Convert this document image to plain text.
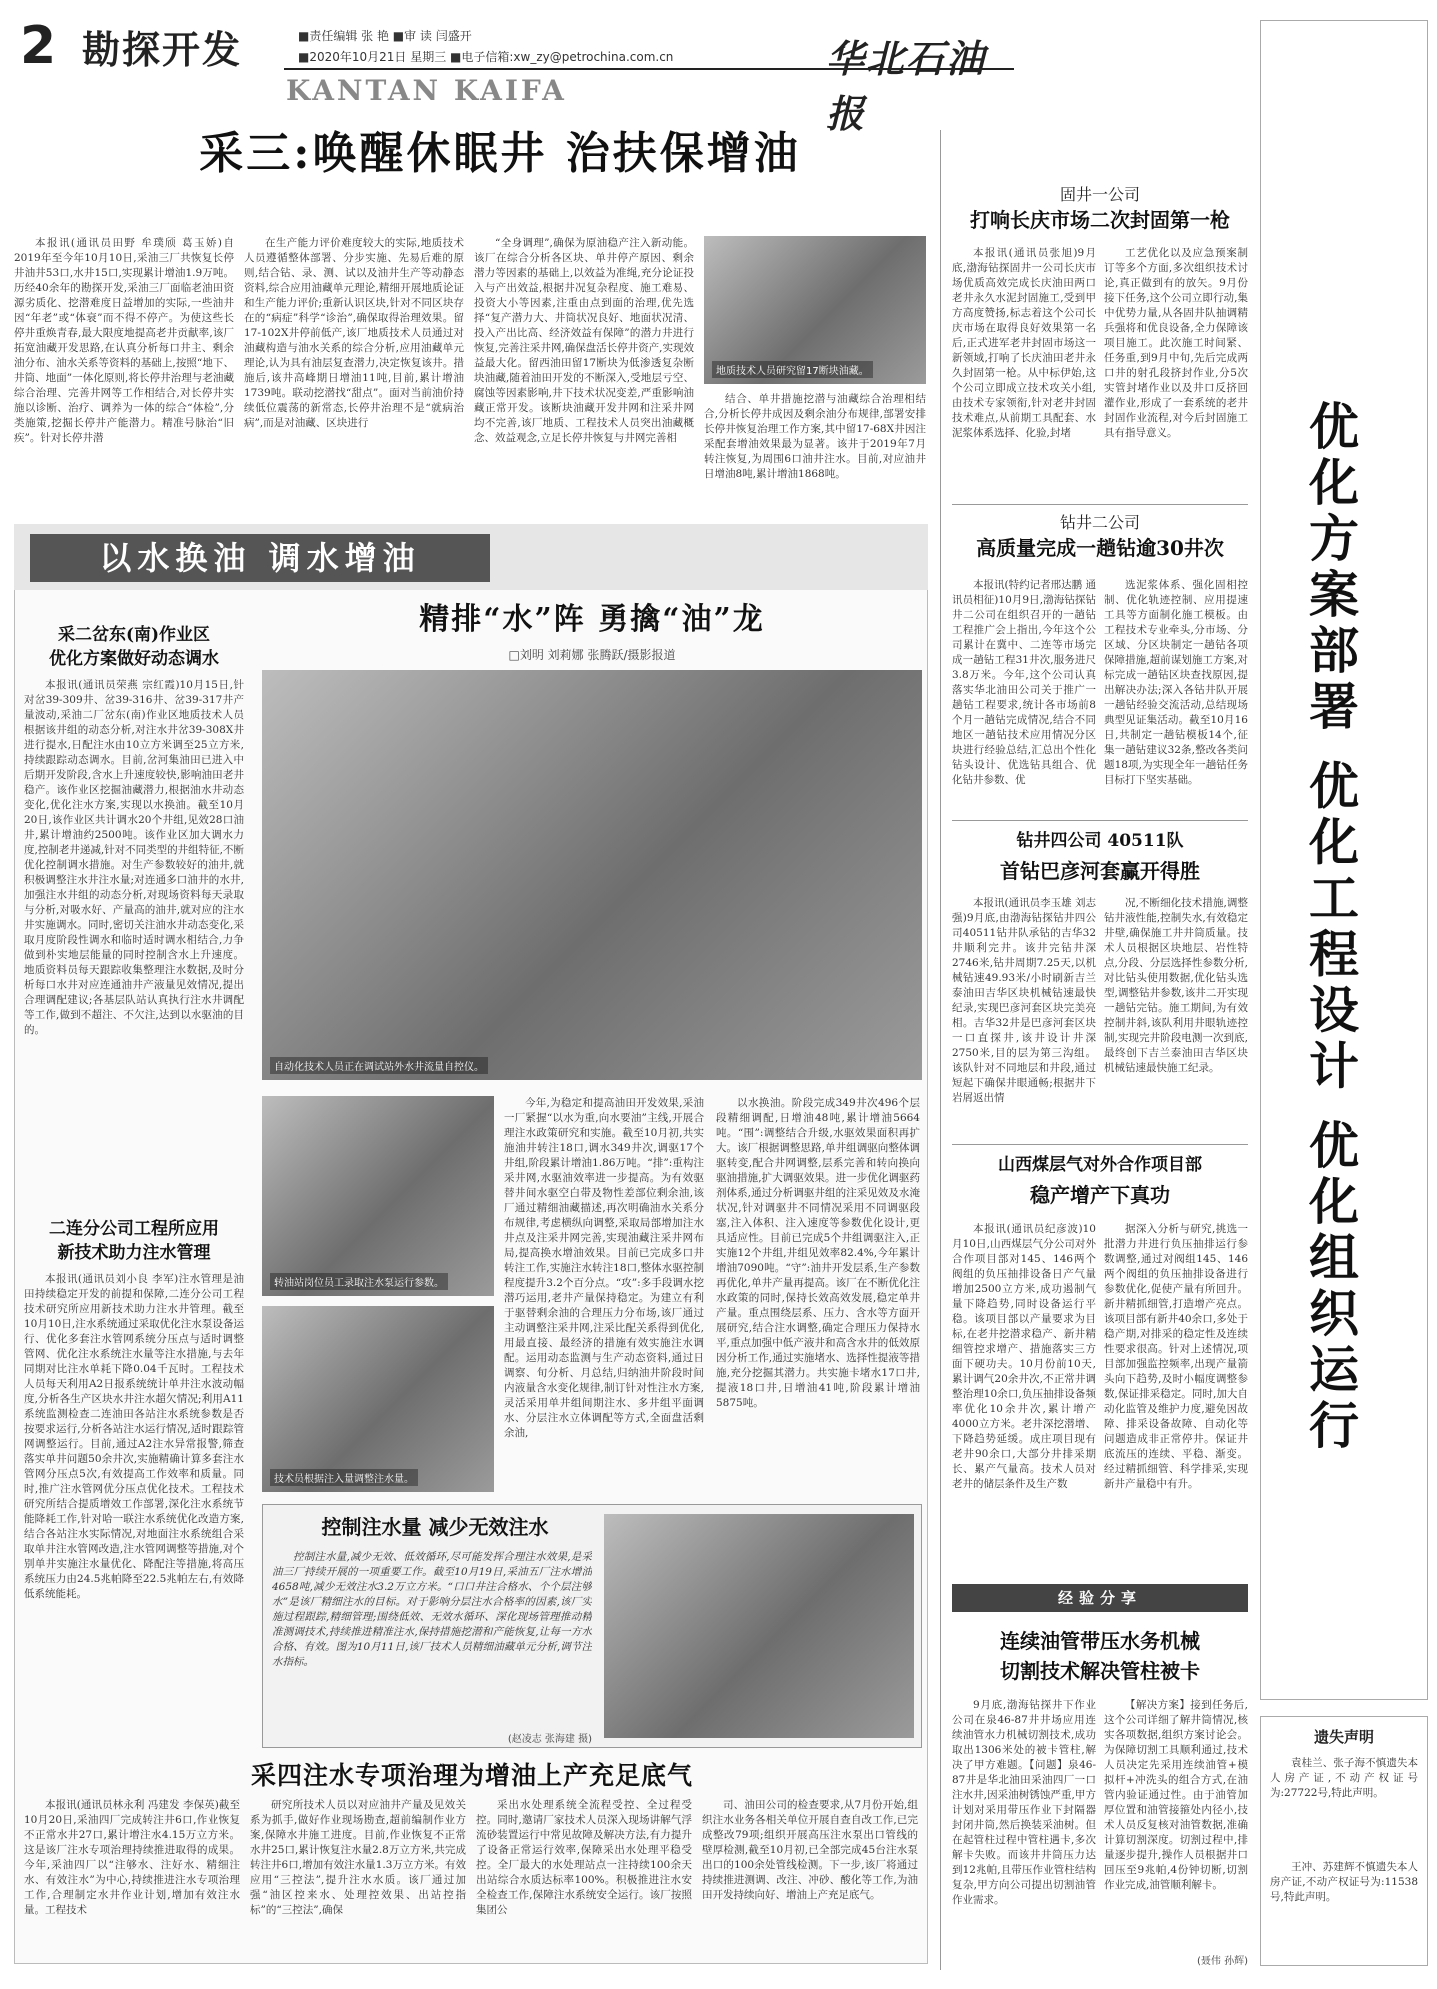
2 勘探开发	■责任编辑 张 艳 ■审 读 闫盛开
■2020年10月21日 星期三 ■电子信箱:xw_zy@petrochina.com.cn
KANTAN KAIFA
华北石油报
采三:唤醒休眠井 治扶保增油

本报讯(通讯员田野 牟璞颀 葛玉娇)自2019年至今年10月10日,采油三厂共恢复长停井油井53口,水井15口,实现累计增油1.9万吨。历经40余年的勘探开发,采油三厂面临老油田资源劣质化、挖潜难度日益增加的实际,一些油井因“年老”或“体衰”而不得不停产。为使这些长停井重焕青春,最大限度地提高老井贡献率,该厂拓宽油藏开发思路,在认真分析每口井主、剩余油分布、油水关系等资料的基础上,按照“地下、井筒、地面”一体化原则,将长停井治理与老油藏综合治理、完善井网等工作相结合,对长停井实施以诊断、治疗、调养为一体的综合“体检”,分类施策,挖掘长停井产能潜力。精准号脉治“旧疾”。针对长停井潜

在生产能力评价难度较大的实际,地质技术人员遵循整体部署、分步实施、先易后难的原则,结合钻、录、测、试以及油井生产等动静态资料,综合应用油藏单元理论,精细开展地质论证和生产能力评价;重新认识区块,针对不同区块存在的“病症”科学“诊治”,确保取得治理效果。留17-102X井停前低产,该厂地质技术人员通过对油藏构造与油水关系的综合分析,应用油藏单元理论,认为具有油层复查潜力,决定恢复该井。措施后,该井高峰期日增油11吨,目前,累计增油1739吨。联动挖潜找“甜点”。面对当前油价持续低位震荡的新常态,长停井治理不是“就病治病”,而是对油藏、区块进行

“全身调理”,确保为原油稳产注入新动能。该厂在综合分析各区块、单井停产原因、剩余潜力等因素的基础上,以效益为准绳,充分论证投入与产出效益,根据井况复杂程度、施工难易、投资大小等因素,注重由点到面的治理,优先选择“复产潜力大、井筒状况良好、地面状况清、投入产出比高、经济效益有保障”的潜力井进行恢复,完善注采井网,确保盘活长停井资产,实现效益最大化。留西油田留17断块为低渗透复杂断块油藏,随着油田开发的不断深入,受地层亏空、腐蚀等因素影响,井下技术状况变差,严重影响油藏正常开发。该断块油藏开发井网和注采井网均不完善,该厂地质、工程技术人员突出油藏概念、效益观念,立足长停井恢复与井网完善相

地质技术人员研究留17断块油藏。

结合、单井措施挖潜与油藏综合治理相结合,分析长停井成因及剩余油分布规律,部署安排长停井恢复治理工作方案,其中留17-68X井因注采配套增油效果最为显著。该井于2019年7月转注恢复,为周围6口油井注水。目前,对应油井日增油8吨,累计增油1868吨。

以水换油 调水增油
采二岔东(南)作业区
优化方案做好动态调水

本报讯(通讯员荣燕 宗红霞)10月15日,针对岔39-309井、岔39-316井、岔39-317井产量波动,采油二厂岔东(南)作业区地质技术人员根据该井组的动态分析,对注水井岔39-308X井进行提水,日配注水由10立方米调至25立方米,持续跟踪动态调水。目前,岔河集油田已进入中后期开发阶段,含水上升速度较快,影响油田老井稳产。该作业区挖掘油藏潜力,根据油水井动态变化,优化注水方案,实现以水换油。截至10月20日,该作业区共计调水20个井组,见效28口油井,累计增油约2500吨。该作业区加大调水力度,控制老井递减,针对不同类型的井组特征,不断优化控制调水措施。对生产参数较好的油井,就积极调整注水井注水量;对连通多口油井的水井,加强注水井组的动态分析,对现场资料每天录取与分析,对吸水好、产量高的油井,就对应的注水井实施调水。同时,密切关注油水井动态变化,采取月度阶段性调水和临时适时调水相结合,力争做到朴实地层能量的同时控制含水上升速度。地质资料员每天跟踪收集整理注水数据,及时分析每口水井对应连通油井产液量见效情况,提出合理调配建议;各基层队站认真执行注水井调配等工作,做到不超注、不欠注,达到以水驱油的目的。

二连分公司工程所应用
新技术助力注水管理

本报讯(通讯员刘小良 李军)注水管理是油田持续稳定开发的前提和保障,二连分公司工程技术研究所应用新技术助力注水井管理。截至10月10日,注水系统通过采取优化注水泵设备运行、优化多套注水管网系统分压点与适时调整管网、优化注水系统注水量等注水措施,与去年同期对比注水单耗下降0.04千瓦时。工程技术人员每天利用A2日报系统统计单井注水波动幅度,分析各生产区块水井注水超欠情况;利用A11系统监测检查二连油田各站注水系统参数是否按要求运行,分析各站注水运行情况,适时跟踪管网调整运行。目前,通过A2注水异常报警,筛查落实单井问题50余井次,实施精确计算多套注水管网分压点5次,有效提高工作效率和质量。同时,推广注水管网优分压点优化技术。工程技术研究所结合提质增效工作部署,深化注水系统节能降耗工作,针对哈一联注水系统优化改造方案,结合各站注水实际情况,对地面注水系统组合采取单井注水管网改造,注水管网调整等措施,对个别单井实施注水量优化、降配注等措施,将高压系统压力由24.5兆帕降至22.5兆帕左右,有效降低系统能耗。

精排“水”阵 勇擒“油”龙
□刘明 刘莉娜 张腾跃/摄影报道
自动化技术人员正在调试站外水井流量自控仪。
转油站岗位员工录取注水泵运行参数。
技术员根据注入量调整注水量。

今年,为稳定和提高油田开发效果,采油一厂紧握“以水为重,向水要油”主线,开展合理注水政策研究和实施。截至10月初,共实施油井转注18口,调水349井次,调驱17个井组,阶段累计增油1.86万吨。“排”:重构注采井网,水驱油效率进一步提高。为有效驱替井间水驱空白带及物性差部位剩余油,该厂通过精细油藏描述,再次明确油水关系分布规律,考虑横纵向调整,采取局部增加注水井点及注采井网完善,实现油藏注采井网布局,提高换水增油效果。目前已完成多口井转注工作,实施注水转注18口,整体水驱控制程度提升3.2个百分点。“攻”:多手段调水挖潜巧运用,老井产量保持稳定。为建立有利于驱替剩余油的合理压力分布场,该厂通过主动调整注采井网,注采比配关系得到优化,用最直接、最经济的措施有效实施注水调配。运用动态监测与生产动态资料,通过日调察、旬分析、月总结,归纳油井阶段时间内液量含水变化规律,制订针对性注水方案,灵活采用单井组间期注水、多井组平面调水、分层注水立体调配等方式,全面盘活剩余油,

以水换油。阶段完成349井次496个层段精细调配,日增油48吨,累计增油5664吨。“围”:调整结合升级,水驱效果面积再扩大。该厂根据调整思路,单井组调驱向整体调驱转变,配合井网调整,层系完善和转向换向驱油措施,扩大调驱效果。进一步优化调驱药剂体系,通过分析调驱井组的注采见效及水淹状况,针对调驱井不同情况采用不同调驱段塞,注入体积、注入速度等参数优化设计,更具适应性。目前已完成5个井组调驱注入,正实施12个井组,井组见效率82.4%,今年累计增油7090吨。“守”:油井开发层系,生产参数再优化,单井产量再提高。该厂在不断优化注水政策的同时,保持长效高效发展,稳定单井产量。重点围绕层系、压力、含水等方面开展研究,结合注水调整,确定合理压力保持水平,重点加强中低产液井和高含水井的低效原因分析工作,通过实施堵水、选择性提液等措施,充分挖掘其潜力。共实施卡堵水17口井,提液18口井,日增油41吨,阶段累计增油5875吨。

控制注水量 减少无效注水

控制注水量,减少无效、低效循环,尽可能发挥合理注水效果,是采油三厂持续开展的一项重要工作。截至10月19日,采油五厂注水增油4658吨,减少无效注水3.2万立方米。“口口井注合格水、个个层注够水”是该厂精细注水的目标。对于影响分层注水合格率的因素,该厂实施过程跟踪,精细管理;围绕低效、无效水循环、深化现场管理推动精准测调技术,持续推进精准注水,保持措施挖潜和产能恢复,让每一方水合格、有效。图为10月11日,该厂技术人员精细油藏单元分析,调节注水指标。

(赵凌志 张海建 摄)
采四注水专项治理为增油上产充足底气

本报讯(通讯员林永利 冯建发 李保英)截至10月20日,采油四厂完成转注井6口,作业恢复不正常水井27口,累计增注水4.15万立方米。这是该厂注水专项治理持续推进取得的成果。今年,采油四厂以“注够水、注好水、精细注水、有效注水”为中心,持续推进注水专项治理工作,合理制定水井作业计划,增加有效注水量。工程技术

研究所技术人员以对应油井产量及见效关系为抓手,做好作业现场勘查,超前编制作业方案,保障水井施工进度。目前,作业恢复不正常水井25口,累计恢复注水量2.8万立方米,共完成转注井6口,增加有效注水量1.3万立方米。有效应用“三控法”,提升注水水质。该厂通过加强“油区控来水、处理控效果、出站控指标”的“三控法”,确保

采出水处理系统全流程受控、全过程受控。同时,邀请厂家技术人员深入现场讲解气浮流砂装置运行中常见故障及解决方法,有力提升了设备正常运行效率,保障采出水处理平稳受控。全厂最大的水处理站点一注持续100余天出站综合水质达标率100%。积极推进注水安全检查工作,保障注水系统安全运行。该厂按照集团公

司、油田公司的检查要求,从7月份开始,组织注水业务各相关单位开展自查自改工作,已完成整改79项;组织开展高压注水泵出口管线的壁厚检测,截至10月初,已全部完成45台注水泵出口的100余处管线检测。下一步,该厂将通过持续推进测调、改注、冲砂、酸化等工作,为油田开发持续向好、增油上产充足底气。

固井一公司
打响长庆市场二次封固第一枪

本报讯(通讯员张旭)9月底,渤海钻探固井一公司长庆市场优质高效完成长庆油田两口老井永久水泥封固施工,受到甲方高度赞扬,标志着这个公司长庆市场在取得良好效果第一名后,正式进军老井封固市场这一新领域,打响了长庆油田老井永久封固第一枪。从中标伊始,这个公司立即成立技术攻关小组,由技术专家领衔,针对老井封固技术难点,从前期工具配套、水泥浆体系选择、化验,封堵

工艺优化以及应急预案制订等多个方面,多次组织技术讨论,真正做到有的放矢。9月份接下任务,这个公司立即行动,集中优势力量,从各固井队抽调精兵强将和优良设备,全力保障该项目施工。此次施工时间紧、任务重,到9月中旬,先后完成两口井的射孔段挤封作业,分5次实管封堵作业以及井口反挤回灌作业,形成了一套系统的老井封固作业流程,对今后封固施工具有指导意义。

钻井二公司
高质量完成一趟钻逾30井次

本报讯(特约记者邢达鹏 通讯员相征)10月9日,渤海钻探钻井二公司在组织召开的一趟钻工程推广会上指出,今年这个公司累计在冀中、二连等市场完成一趟钻工程31井次,服务进尺3.8万米。今年,这个公司认真落实华北油田公司关于推广一趟钻工程要求,统计各市场前8个月一趟钻完成情况,结合不同地区一趟钻技术应用情况分区块进行经验总结,汇总出个性化钻头设计、优选钻具组合、优化钻井参数、优

选泥浆体系、强化固相控制、优化轨迹控制、应用提速工具等方面制化施工模板。由工程技术专业牵头,分市场、分区域、分区块制定一趟钻各项保障措施,超前谋划施工方案,对标完成一趟钻区块查找原因,提出解决办法;深入各钻井队开展一趟钻经验交流活动,总结现场典型见证集活动。截至10月16日,共制定一趟钻模板14个,征集一趟钻建议32条,整改各类问题18项,为实现全年一趟钻任务目标打下坚实基础。

钻井四公司 40511队
首钻巴彦河套赢开得胜

本报讯(通讯员李玉雄 刘志强)9月底,由渤海钻探钻井四公司40511钻井队承钻的吉华32井顺利完井。该井完钻井深2746米,钻井周期7.25天,以机械钻速49.93米/小时刷新吉兰泰油田吉华区块机械钻速最快纪录,实现巴彦河套区块完美亮相。吉华32井是巴彦河套区块一口直探井,该井设计井深2750米,目的层为第三沟组。该队针对不同地层和井段,通过短起下确保井眼通畅;根据井下岩屑返出情

况,不断细化技术措施,调整钻井液性能,控制失水,有效稳定井壁,确保施工井井筒质量。技术人员根据区块地层、岩性特点,分段、分层选择性参数分析,对比钻头使用数据,优化钻头选型,调整钻井参数,该井二开实现一趟钻完钻。施工期间,为有效控制井斜,该队利用井眼轨迹控制,实现完井阶段电测一次到底,最终创下吉兰泰油田吉华区块机械钻速最快施工纪录。

山西煤层气对外合作项目部
稳产增产下真功

本报讯(通讯员纪彦波)10月10日,山西煤层气分公司对外合作项目部对145、146两个阀组的负压抽排设备日产气量增加2500立方米,成功遏制气量下降趋势,同时设备运行平稳。该项目部以产量要求为目标,在老井挖潜求稳产、新井精细管控求增产、措施落实三方面下硬功夫。10月份前10天,累计调气20余井次,不正常井调整治理10余口,负压抽排设备频率优化10余井次,累计增产4000立方米。老井深挖潜增、下降趋势延缓。成庄项目现有老井90余口,大部分井排采期长、累产气量高。技术人员对老井的储层条件及生产数

据深入分析与研究,挑选一批潜力井进行负压抽排运行参数调整,通过对阀组145、146两个阀组的负压抽排设备进行参数优化,促使产量有所回升。新井精抓细管,打造增产亮点。该项目部有新井40余口,多处于稳产期,对排采的稳定性及连续性要求很高。针对上述情况,项目部加强监控频率,出现产量箭头向下趋势,及时小幅度调整参数,保证排采稳定。同时,加大自动化监管及维护力度,避免因故障、排采设备故障、自动化等问题造成非正常停井。保证井底流压的连续、平稳、渐变。经过精抓细管、科学排采,实现新井产量稳中有升。

经验分享
连续油管带压水务机械
切割技术解决管柱被卡

9月底,渤海钻探井下作业公司在泉46-87井井场应用连续油管水力机械切割技术,成功取出1306米处的被卡管柱,解决了甲方难题。【问题】泉46-87井是华北油田采油四厂一口注水井,因采油树锈蚀严重,甲方计划对采用带压作业下封隔器封闭井筒,然后换装采油树。但在起管柱过程中管柱遇卡,多次解卡失败。而该井井筒压力达到12兆帕,且带压作业管柱结构复杂,甲方向公司提出切割油管作业需求。

【解决方案】接到任务后,这个公司详细了解井筒情况,核实各项数据,组织方案讨论会。为保障切割工具顺利通过,技术人员决定先采用连续油管+模拟杆+冲洗头的组合方式,在油管内验证通过性。由于油管加厚位置和油管接箍处内径小,技术人员反复核对油管数据,准确计算切割深度。切割过程中,排量逐步提升,操作人员根据井口回压至9兆帕,4份钟切断,切割作业完成,油管顺利解卡。

(聂伟 孙辉)
优化方案部署 优化工程设计 优化组织运行
遗失声明

袁桂兰、张子海不慎遗失本人房产证,不动产权证号为:27722号,特此声明。

王冲、苏建辉不慎遗失本人房产证,不动产权证号为:11538号,特此声明。
